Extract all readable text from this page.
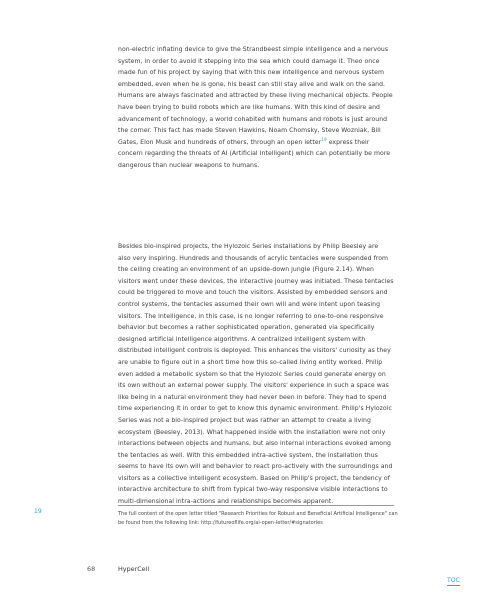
non-electric inflating device to give the Strandbeest simple intelligence and a nervous

system, in order to avoid it stepping into the sea which could damage it. Theo once

made fun of his project by saying that with this new intelligence and nervous system

embedded, even when he is gone, his beast can still stay alive and walk on the sand.

Humans are always fascinated and attracted by these living mechanical objects. People

have been trying to build robots which are like humans. With this kind of desire and

advancement of technology, a world cohabited with humans and robots is just around

the corner. This fact has made Steven Hawkins, Noam Chomsky, Steve Wozniak, Bill

Gates, Elon Musk and hundreds of others, through an open letter$^{19}$ express their

concern regarding the threats of AI (Artificial Intelligent) which can potentially be more

dangerous than nuclear weapons to humans.

Besides bio-inspired projects, the Hylozoic Series installations by Philip Beesley are

also very inspiring. Hundreds and thousands of acrylic tentacles were suspended from

the ceiling creating an environment of an upside-down jungle (Figure 2.14). When

visitors went under these devices, the interactive journey was initiated. These tentacles

could be triggered to move and touch the visitors. Assisted by embedded sensors and

control systems, the tentacles assumed their own will and were intent upon teasing

visitors. The intelligence, in this case, is no longer referring to one-to-one responsive

behavior but becomes a rather sophisticated operation, generated via specifically

designed artificial intelligence algorithms. A centralized intelligent system with

distributed intelligent controls is deployed. This enhances the visitors' curiosity as they

are unable to figure out in a short time how this so-called living entity worked. Philip

even added a metabolic system so that the Hylozoic Series could generate energy on

its own without an external power supply. The visitors' experience in such a space was

like being in a natural environment they had never been in before. They had to spend

time experiencing it in order to get to know this dynamic environment. Philip's Hylozoic

Series was not a bio-inspired project but was rather an attempt to create a living

ecosystem (Beesley, 2013). What happened inside with the installation were not only

interactions between objects and humans, but also internal interactions evoked among

the tentacles as well. With this embedded intra-active system, the installation thus

seems to have its own will and behavior to react pro-actively with the surroundings and

visitors as a collective intelligent ecosystem. Based on Philip's project, the tendency of

interactive architecture to shift from typical two-way responsive visible interactions to

multi-dimensional intra-actions and relationships becomes apparent.

19	The full content of the open letter titled "Research Priorities for Robust and Beneficial Artificial Intelligence" can
be found from the following link: http://futureoflife.org/ai-open-letter/#signatories
68	HyperCell
TOC
